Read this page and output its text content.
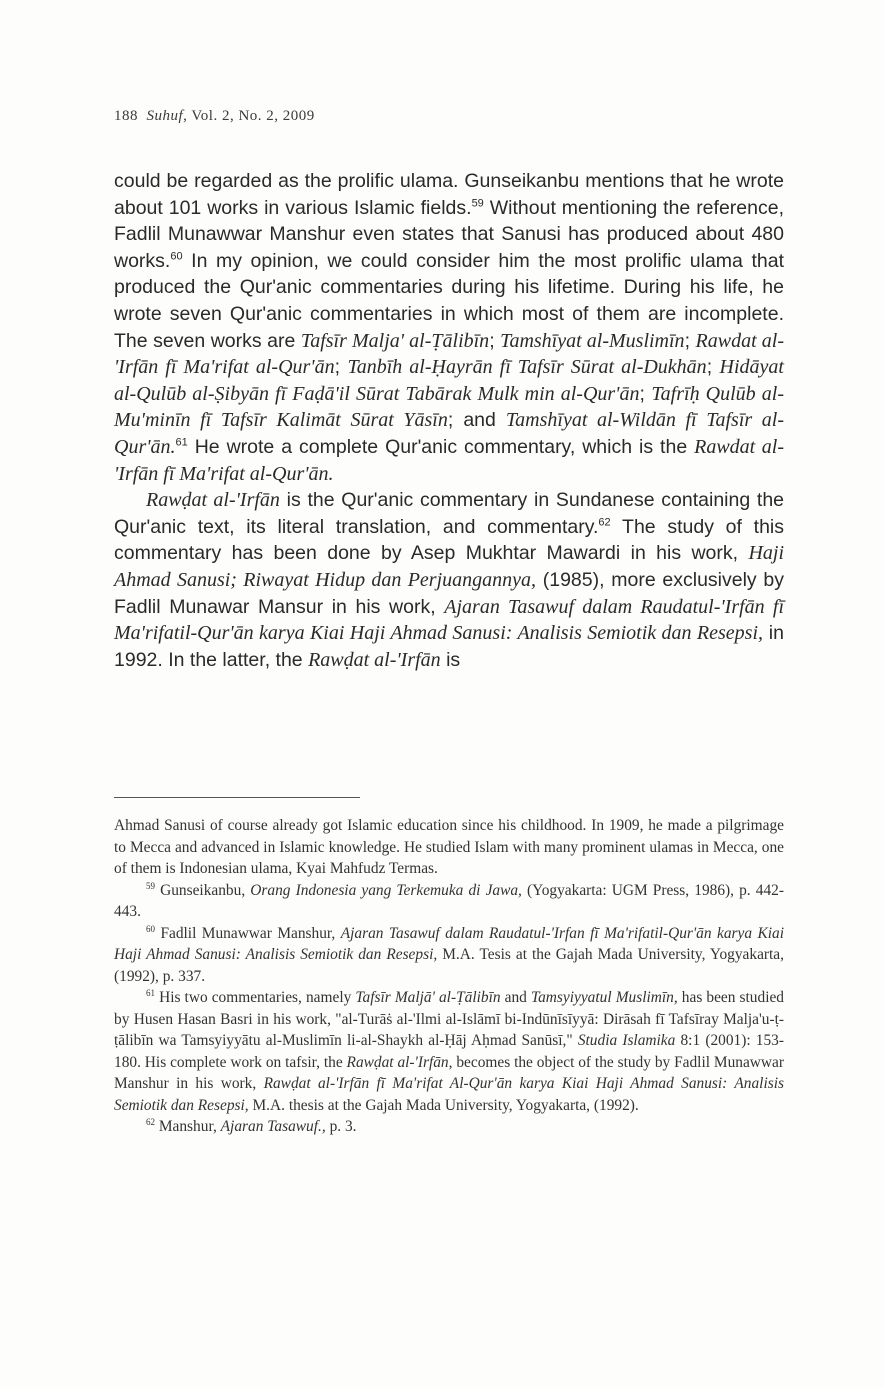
188 Suhuf, Vol. 2, No. 2, 2009

could be regarded as the prolific ulama. Gunseikanbu mentions that he wrote about 101 works in various Islamic fields.$^{59}$ Without mentioning the reference, Fadlil Munawwar Manshur even states that Sanusi has produced about 480 works.$^{60}$ In my opinion, we could consider him the most prolific ulama that produced the Qur'anic commentaries during his lifetime. During his life, he wrote seven Qur'anic commentaries in which most of them are incomplete. The seven works are Tafsīr Malja' al-Ṭālibīn; Tamshīyat al-Muslimīn; Rawdat al-'Irfān fī Ma'rifat al-Qur'ān; Tanbīh al-Ḥayrān fī Tafsīr Sūrat al-Dukhān; Hidāyat al-Qulūb al-Ṣibyān fī Faḍā'il Sūrat Tabārak Mulk min al-Qur'ān; Tafrīḥ Qulūb al-Mu'minīn fī Tafsīr Kalimāt Sūrat Yāsīn; and Tamshīyat al-Wildān fī Tafsīr al-Qur'ān.$^{61}$ He wrote a complete Qur'anic commentary, which is the Rawdat al-'Irfān fī Ma'rifat al-Qur'ān.

Rawḍat al-'Irfān is the Qur'anic commentary in Sundanese containing the Qur'anic text, its literal translation, and commentary.$^{62}$ The study of this commentary has been done by Asep Mukhtar Mawardi in his work, Haji Ahmad Sanusi; Riwayat Hidup dan Perjuangannya, (1985), more exclusively by Fadlil Munawar Mansur in his work, Ajaran Tasawuf dalam Raudatul-'Irfān fī Ma'rifatil-Qur'ān karya Kiai Haji Ahmad Sanusi: Analisis Semiotik dan Resepsi, in 1992. In the latter, the Rawḍat al-'Irfān is

Ahmad Sanusi of course already got Islamic education since his childhood. In 1909, he made a pilgrimage to Mecca and advanced in Islamic knowledge. He studied Islam with many prominent ulamas in Mecca, one of them is Indonesian ulama, Kyai Mahfudz Termas.

$^{59}$ Gunseikanbu, Orang Indonesia yang Terkemuka di Jawa, (Yogyakarta: UGM Press, 1986), p. 442-443.

$^{60}$ Fadlil Munawwar Manshur, Ajaran Tasawuf dalam Raudatul-'Irfan fī Ma'rifatil-Qur'ān karya Kiai Haji Ahmad Sanusi: Analisis Semiotik dan Resepsi, M.A. Tesis at the Gajah Mada University, Yogyakarta, (1992), p. 337.

$^{61}$ His two commentaries, namely Tafsīr Maljā' al-Ṭālibīn and Tamsyiyyatul Muslimīn, has been studied by Husen Hasan Basri in his work, "al-Turāṡ al-'Ilmi al-Islāmī bi-Indūnīsīyyā: Dirāsah fī Tafsīray Malja'u-ṭ-ṭālibīn wa Tamsyiyyātu al-Muslimīn li-al-Shaykh al-Ḥāj Aḥmad Sanūsī," Studia Islamika 8:1 (2001): 153-180. His complete work on tafsir, the Rawḍat al-'Irfān, becomes the object of the study by Fadlil Munawwar Manshur in his work, Rawḍat al-'Irfān fī Ma'rifat Al-Qur'ān karya Kiai Haji Ahmad Sanusi: Analisis Semiotik dan Resepsi, M.A. thesis at the Gajah Mada University, Yogyakarta, (1992).

$^{62}$ Manshur, Ajaran Tasawuf., p. 3.
